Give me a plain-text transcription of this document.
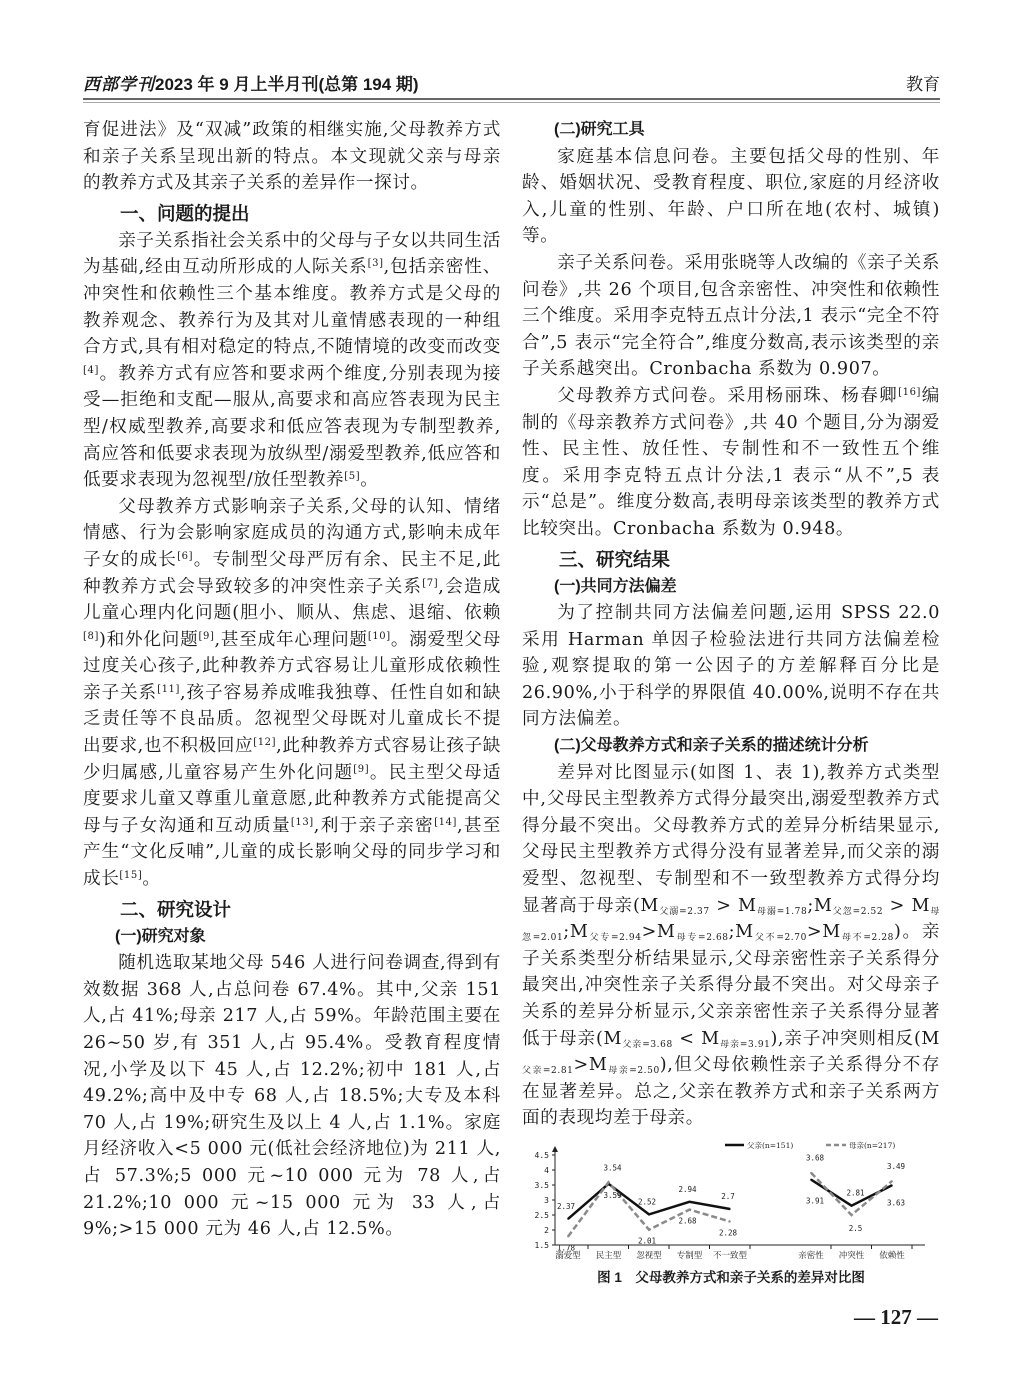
西部学刊2023 年 9 月上半月刊(总第 194 期)	教育

育促进法》及“双减”政策的相继实施,父母教养方式和亲子关系呈现出新的特点。本文现就父亲与母亲的教养方式及其亲子关系的差异作一探讨。

一、问题的提出

亲子关系指社会关系中的父母与子女以共同生活为基础,经由互动所形成的人际关系[3],包括亲密性、冲突性和依赖性三个基本维度。教养方式是父母的教养观念、教养行为及其对儿童情感表现的一种组合方式,具有相对稳定的特点,不随情境的改变而改变[4]。教养方式有应答和要求两个维度,分别表现为接受—拒绝和支配—服从,高要求和高应答表现为民主型/权威型教养,高要求和低应答表现为专制型教养,高应答和低要求表现为放纵型/溺爱型教养,低应答和低要求表现为忽视型/放任型教养[5]。

父母教养方式影响亲子关系,父母的认知、情绪情感、行为会影响家庭成员的沟通方式,影响未成年子女的成长[6]。专制型父母严厉有余、民主不足,此种教养方式会导致较多的冲突性亲子关系[7],会造成儿童心理内化问题(胆小、顺从、焦虑、退缩、依赖[8])和外化问题[9],甚至成年心理问题[10]。溺爱型父母过度关心孩子,此种教养方式容易让儿童形成依赖性亲子关系[11],孩子容易养成唯我独尊、任性自如和缺乏责任等不良品质。忽视型父母既对儿童成长不提出要求,也不积极回应[12],此种教养方式容易让孩子缺少归属感,儿童容易产生外化问题[9]。民主型父母适度要求儿童又尊重儿童意愿,此种教养方式能提高父母与子女沟通和互动质量[13],利于亲子亲密[14],甚至产生“文化反哺”,儿童的成长影响父母的同步学习和成长[15]。

二、研究设计
(一)研究对象

随机选取某地父母 546 人进行问卷调查,得到有效数据 368 人,占总问卷 67.4%。其中,父亲 151 人,占 41%;母亲 217 人,占 59%。年龄范围主要在 26~50 岁,有 351 人,占 95.4%。受教育程度情况,小学及以下 45 人,占 12.2%;初中 181 人,占 49.2%;高中及中专 68 人,占 18.5%;大专及本科 70 人,占 19%;研究生及以上 4 人,占 1.1%。家庭月经济收入<5 000 元(低社会经济地位)为 211 人,占 57.3%;5 000 元~10 000 元为 78 人,占 21.2%;10 000 元~15 000 元为 33 人,占 9%;>15 000 元为 46 人,占 12.5%。

(二)研究工具

家庭基本信息问卷。主要包括父母的性别、年龄、婚姻状况、受教育程度、职位,家庭的月经济收入,儿童的性别、年龄、户口所在地(农村、城镇)等。

亲子关系问卷。采用张晓等人改编的《亲子关系问卷》,共 26 个项目,包含亲密性、冲突性和依赖性三个维度。采用李克特五点计分法,1 表示“完全不符合”,5 表示“完全符合”,维度分数高,表示该类型的亲子关系越突出。Cronbacha 系数为 0.907。

父母教养方式问卷。采用杨丽珠、杨春卿[16]编制的《母亲教养方式问卷》,共 40 个题目,分为溺爱性、民主性、放任性、专制性和不一致性五个维度。采用李克特五点计分法,1 表示“从不”,5 表示“总是”。维度分数高,表明母亲该类型的教养方式比较突出。Cronbacha 系数为 0.948。

三、研究结果
(一)共同方法偏差

为了控制共同方法偏差问题,运用 SPSS 22.0 采用 Harman 单因子检验法进行共同方法偏差检验,观察提取的第一公因子的方差解释百分比是 26.90%,小于科学的界限值 40.00%,说明不存在共同方法偏差。

(二)父母教养方式和亲子关系的描述统计分析

差异对比图显示(如图 1、表 1),教养方式类型中,父母民主型教养方式得分最突出,溺爱型教养方式得分最不突出。父母教养方式的差异分析结果显示,父母民主型教养方式得分没有显著差异,而父亲的溺爱型、忽视型、专制型和不一致型教养方式得分均显著高于母亲($M_{父溺=2.37}$ > $M_{母溺=1.78};M_{父忽=2.52}$ > $M_{母忽=2.01};M_{父专=2.94}>M_{母专=2.68};M_{父不=2.70}>M_{母不=2.28}$)。亲子关系类型分析结果显示,父母亲密性亲子关系得分最突出,冲突性亲子关系得分最不突出。对父母亲子关系的差异分析显示,父亲亲密性亲子关系得分显著低于母亲$(M_{父亲=3.68} < M_{母亲=3.91})$,亲子冲突则相反$(M_{父亲=2.81}>M_{母亲=2.50})$,但父母依赖性亲子关系得分不存在显著差异。总之,父亲在教养方式和亲子关系两方面的表现均差于母亲。

1.5
2
2.5
3
3.5
4
4.5
溺爱型 民主型 忽视型 专制型 不一致型	亲密性 冲突性 依赖性
2.37
3.54
2.52
2.94
2.7
3.68
2.81
3.49
1.78
3.59
2.01
2.68
2.28
3.91
2.5
3.63
父亲(n=151)	母亲(n=217)
图 1　父母教养方式和亲子关系的差异对比图
— 127 —
